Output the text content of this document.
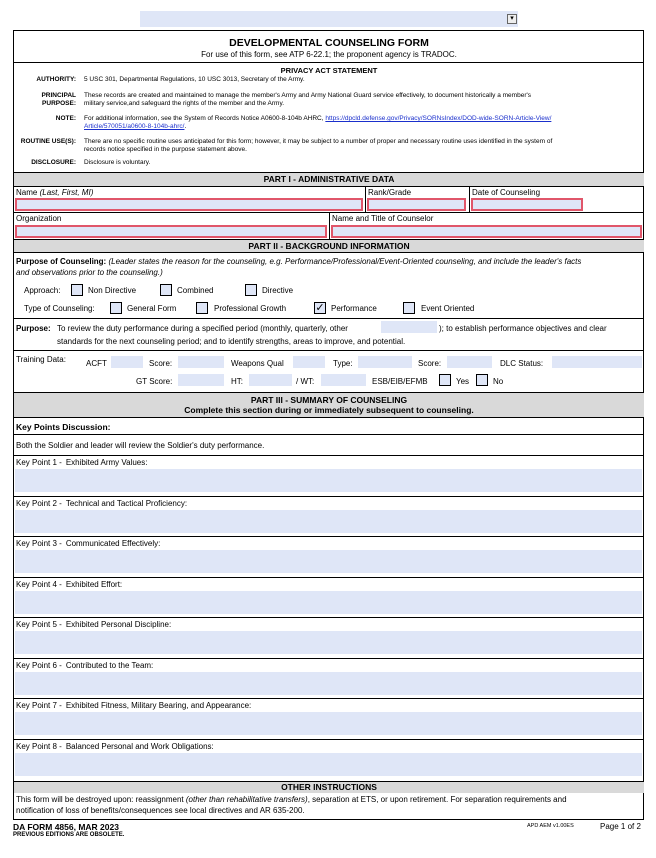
▾
DEVELOPMENTAL COUNSELING FORM
For use of this form, see ATP 6-22.1; the proponent agency is TRADOC.
PRIVACY ACT STATEMENT
AUTHORITY: 5 USC 301, Departmental Regulations, 10 USC 3013, Secretary of the Army.
PRINCIPAL
PURPOSE:
These records are created and maintained to manage the member's Army and Army National Guard service effectively, to document historically a member's
military service,and safeguard the rights of the member and the Army.
NOTE: For additional information, see the System of Records Notice A0600-8-104b AHRC, https://dpcld.defense.gov/Privacy/SORNsIndex/DOD-wide-SORN-Article-View/
Article/570051/a0600-8-104b-ahrc/.
ROUTINE USE(S): There are no specific routine uses anticipated for this form; however, it may be subject to a number of proper and necessary routine uses identified in the system of
records notice specified in the purpose statement above.
DISCLOSURE: Disclosure is voluntary.
PART I - ADMINISTRATIVE DATA
Name (Last, First, MI)	Rank/Grade	Date of Counseling
Organization	Name and Title of Counselor
PART II - BACKGROUND INFORMATION
Purpose of Counseling: (Leader states the reason for the counseling, e.g. Performance/Professional/Event-Oriented counseling, and include the leader's facts
and observations prior to the counseling.)
Approach:	Non Directive	Combined	Directive
Type of Counseling:	General Form	Professional Growth	✓ Performance	Event Oriented
Purpose: To review the duty performance during a specified period (monthly, quarterly, other	); to establish performance objectives and clear
standards for the next counseling period; and to identify strengths, areas to improve, and potential.
Training Data:	ACFT	Score:	Weapons Qual	Type:	Score:	DLC Status:
GT Score:	HT:	/ WT:	ESB/EIB/EFMB	Yes	No
PART III - SUMMARY OF COUNSELING
Complete this section during or immediately subsequent to counseling.
Key Points Discussion:
Both the Soldier and leader will review the Soldier's duty performance.
Key Point 1 - Exhibited Army Values:
Key Point 2 - Technical and Tactical Proficiency:
Key Point 3 - Communicated Effectively:
Key Point 4 - Exhibited Effort:
Key Point 5 - Exhibited Personal Discipline:
Key Point 6 - Contributed to the Team:
Key Point 7 - Exhibited Fitness, Military Bearing, and Appearance:
Key Point 8 - Balanced Personal and Work Obligations:
OTHER INSTRUCTIONS
This form will be destroyed upon: reassignment (other than rehabilitative transfers), separation at ETS, or upon retirement. For separation requirements and
notification of loss of benefits/consequences see local directives and AR 635-200.
DA FORM 4856, MAR 2023
PREVIOUS EDITIONS ARE OBSOLETE.
APD AEM v1.00ES	Page 1 of 2
